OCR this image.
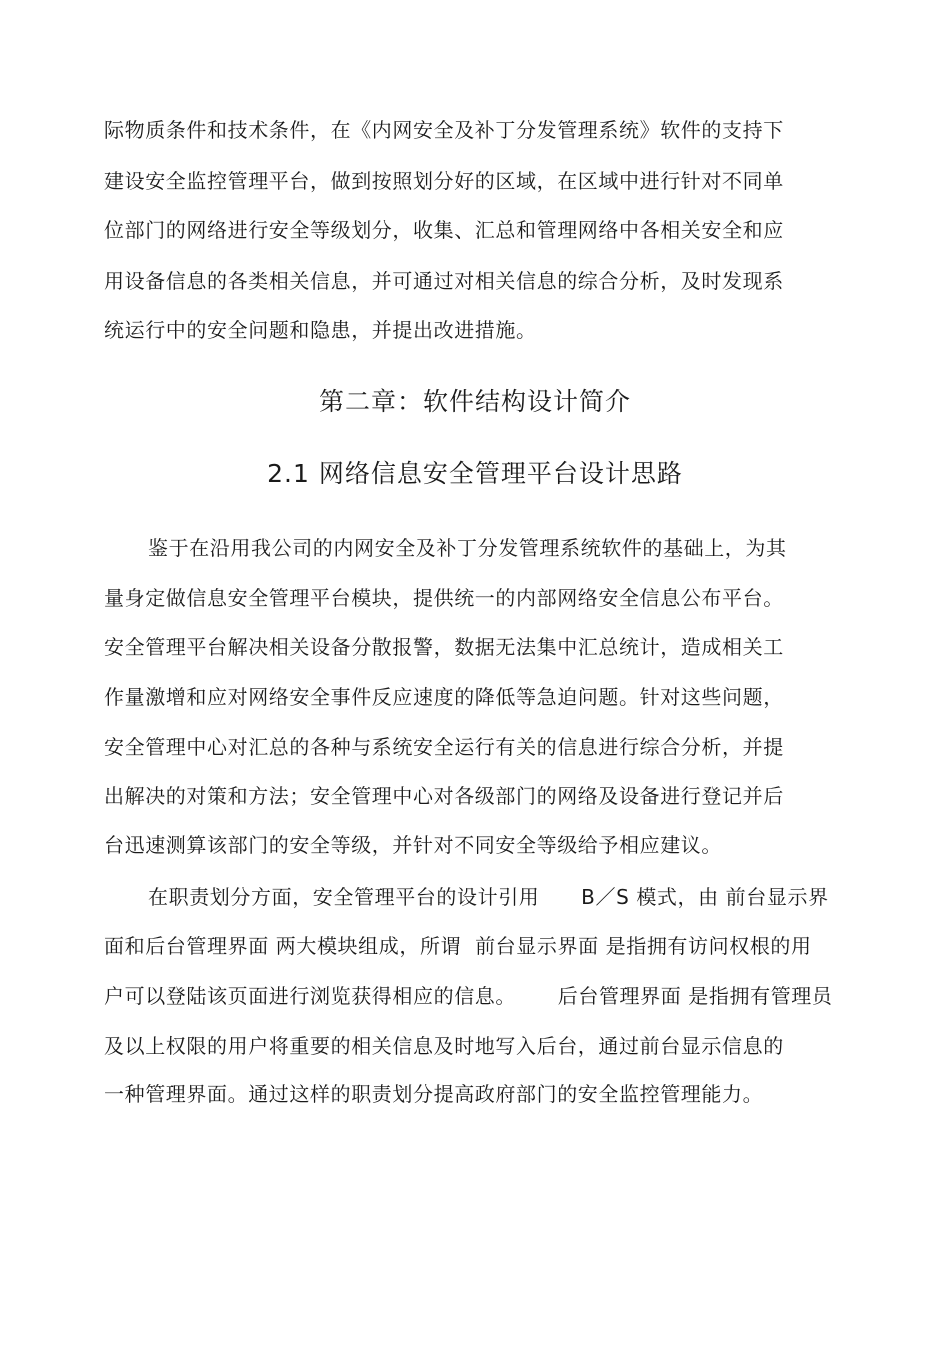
际物质条件和技术条件，在《内网安全及补丁分发管理系统》软件的支持下
建设安全监控管理平台，做到按照划分好的区域，在区域中进行针对不同单
位部门的网络进行安全等级划分，收集、汇总和管理网络中各相关安全和应
用设备信息的各类相关信息，并可通过对相关信息的综合分析，及时发现系
统运行中的安全问题和隐患，并提出改进措施。
第二章：软件结构设计简介
2.1 网络信息安全管理平台设计思路
鉴于在沿用我公司的内网安全及补丁分发管理系统软件的基础上，为其
量身定做信息安全管理平台模块，提供统一的内部网络安全信息公布平台。
安全管理平台解决相关设备分散报警，数据无法集中汇总统计，造成相关工
作量激增和应对网络安全事件反应速度的降低等急迫问题。针对这些问题，
安全管理中心对汇总的各种与系统安全运行有关的信息进行综合分析，并提
出解决的对策和方法；安全管理中心对各级部门的网络及设备进行登记并后
台迅速测算该部门的安全等级，并针对不同安全等级给予相应建议。
在职责划分方面，安全管理平台的设计引用      B／S 模式，由 前台显示界
面和后台管理界面 两大模块组成，所谓  前台显示界面 是指拥有访问权根的用
户可以登陆该页面进行浏览获得相应的信息。      后台管理界面 是指拥有管理员
及以上权限的用户将重要的相关信息及时地写入后台，通过前台显示信息的
一种管理界面。通过这样的职责划分提高政府部门的安全监控管理能力。
